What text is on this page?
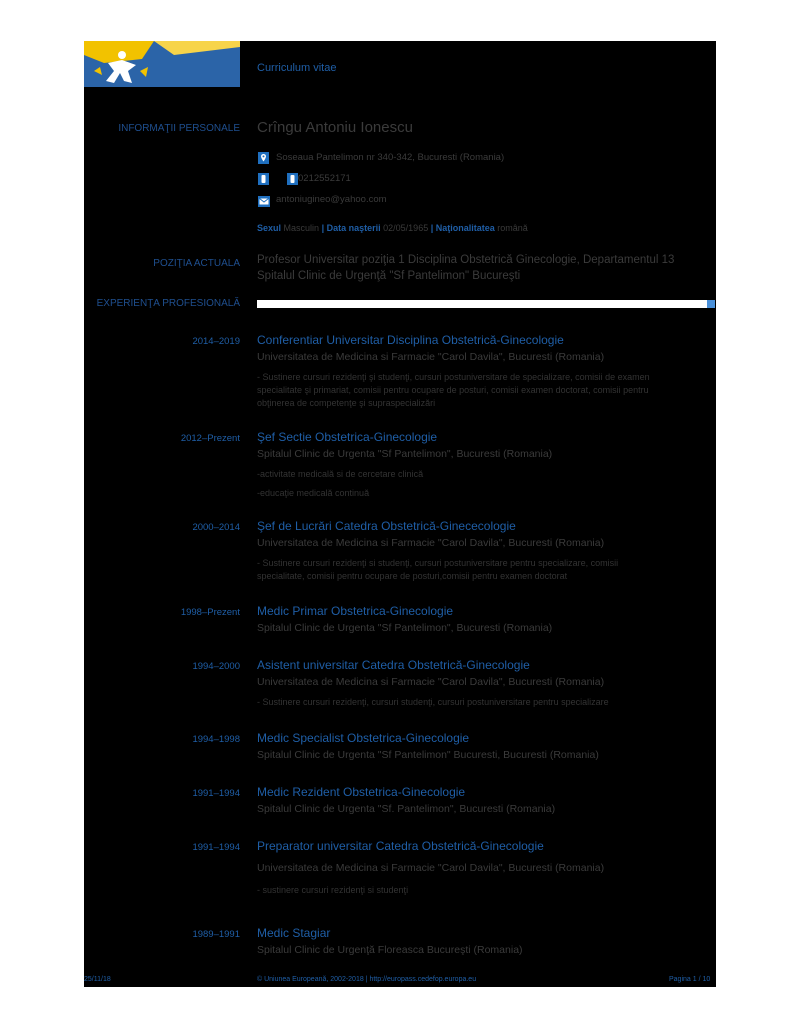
Curriculum vitae
INFORMAŢII PERSONALE
POZIŢIA ACTUALA
EXPERIENŢA PROFESIONALĂ
Crîngu Antoniu Ionescu
Soseaua Pantelimon nr 340-342, Bucuresti (Romania)
0212552171
antoniugineo@yahoo.com
Sexul Masculin | Data naşterii 02/05/1965 | Naţionalitatea română
Profesor Universitar poziţia 1 Disciplina Obstetrică Ginecologie, Departamentul 13
Spitalul Clinic de Urgenţă "Sf Pantelimon" Bucureşti
2014–2019 Conferentiar Universitar Disciplina Obstetrică-Ginecologie
Universitatea de Medicina si Farmacie "Carol Davila", Bucuresti (Romania)
- Sustinere cursuri rezidenţi şi studenţi, cursuri postuniversitare de specializare, comisii de examen
specialitate şi primariat, comisii pentru ocupare de posturi, comisii examen doctorat, comisii pentru
obţinerea de competenţe şi supraspecializări
2012–Prezent Şef Sectie Obstetrica-Ginecologie
Spitalul Clinic de Urgenta "Sf Pantelimon", Bucuresti (Romania)
-activitate medicală si de cercetare clinică
-educaţie medicală continuă
2000–2014 Şef de Lucrări Catedra Obstetrică-Ginececologie
Universitatea de Medicina si Farmacie "Carol Davila", Bucuresti (Romania)
- Sustinere cursuri rezidenţi si studenţi, cursuri postuniversitare pentru specializare, comisii
specialitate, comisii pentru ocupare de posturi,comisii pentru examen doctorat
1998–Prezent Medic Primar Obstetrica-Ginecologie
Spitalul Clinic de Urgenta "Sf Pantelimon", Bucuresti (Romania)
1994–2000 Asistent universitar Catedra Obstetrică-Ginecologie
Universitatea de Medicina si Farmacie "Carol Davila", Bucuresti (Romania)
- Sustinere cursuri rezidenţi, cursuri studenţi, cursuri postuniversitare pentru specializare
1994–1998 Medic Specialist Obstetrica-Ginecologie
Spitalul Clinic de Urgenta "Sf Pantelimon" Bucuresti, Bucuresti (Romania)
1991–1994 Medic Rezident Obstetrica-Ginecologie
Spitalul Clinic de Urgenta "Sf. Pantelimon", Bucuresti (Romania)
1991–1994 Preparator universitar Catedra Obstetrică-Ginecologie
Universitatea de Medicina si Farmacie "Carol Davila", Bucuresti (Romania)
- sustinere cursuri rezidenţi si studenţi
1989–1991 Medic Stagiar
Spitalul Clinic de Urgenţă Floreasca Bucureşti (Romania)
25/11/18	© Uniunea Europeană, 2002-2018 | http://europass.cedefop.europa.eu	Pagina 1 / 10
